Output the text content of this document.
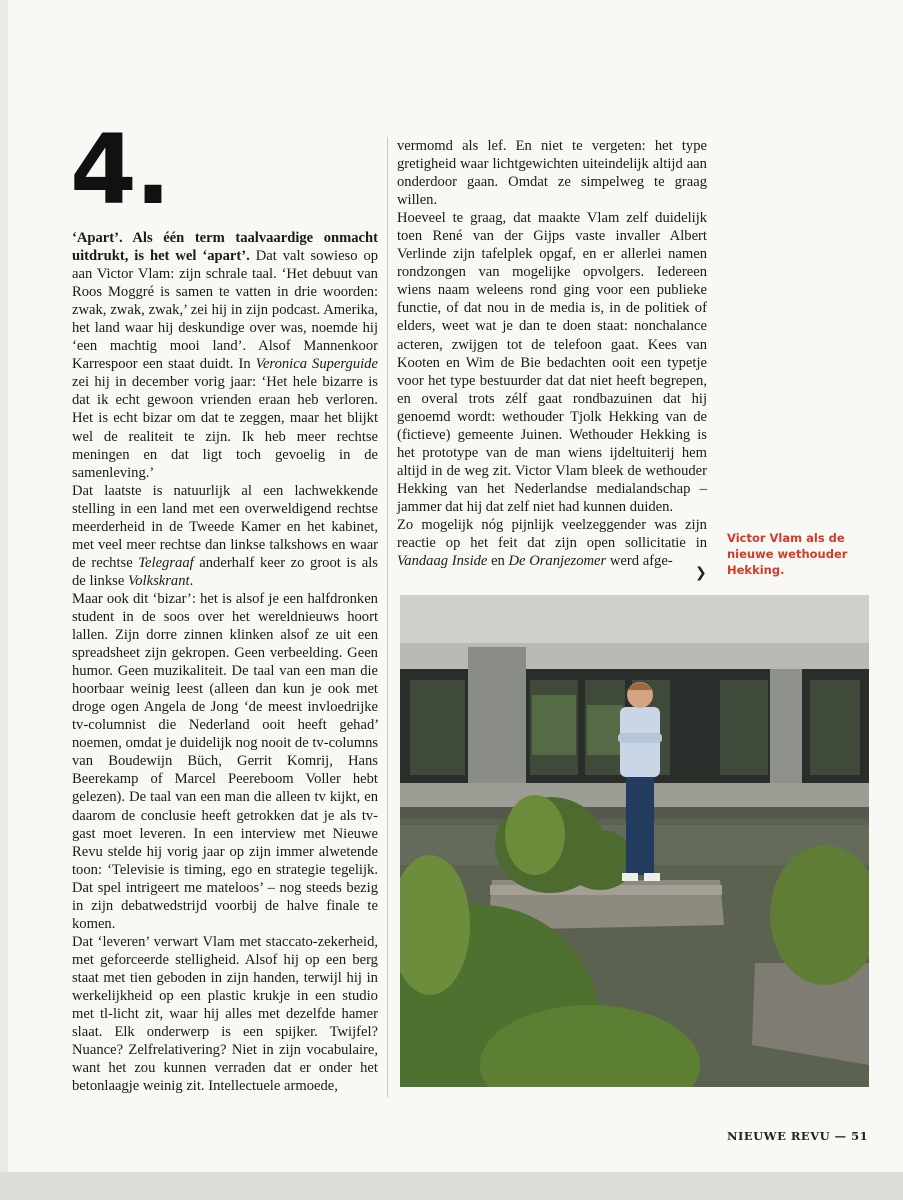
4.

‘Apart’. Als één term taalvaardige onmacht uitdrukt, is het wel ‘apart’. Dat valt sowieso op aan Victor Vlam: zijn schrale taal. ‘Het debuut van Roos Moggré is samen te vatten in drie woorden: zwak, zwak, zwak,’ zei hij in zijn podcast. Amerika, het land waar hij deskundige over was, noemde hij ‘een machtig mooi land’. Alsof Mannenkoor Karrespoor een staat duidt. In Veronica Superguide zei hij in december vorig jaar: ‘Het hele bizarre is dat ik echt gewoon vrienden eraan heb verloren. Het is echt bizar om dat te zeggen, maar het blijkt wel de realiteit te zijn. Ik heb meer rechtse meningen en dat ligt toch gevoelig in de samenleving.’

Dat laatste is natuurlijk al een lachwekkende stelling in een land met een overweldigend rechtse meerderheid in de Tweede Kamer en het kabinet, met veel meer rechtse dan linkse talkshows en waar de rechtse Telegraaf anderhalf keer zo groot is als de linkse Volkskrant.

Maar ook dit ‘bizar’: het is alsof je een halfdronken student in de soos over het wereldnieuws hoort lallen. Zijn dorre zinnen klinken alsof ze uit een spreadsheet zijn gekropen. Geen verbeelding. Geen humor. Geen muzikaliteit. De taal van een man die hoorbaar weinig leest (alleen dan kun je ook met droge ogen Angela de Jong ‘de meest invloedrijke tv-columnist die Nederland ooit heeft gehad’ noemen, omdat je duidelijk nog nooit de tv-columns van Boudewijn Büch, Gerrit Komrij, Hans Beerekamp of Marcel Peereboom Voller hebt gelezen). De taal van een man die alleen tv kijkt, en daarom de conclusie heeft getrokken dat je als tv-gast moet leveren. In een interview met Nieuwe Revu stelde hij vorig jaar op zijn immer alwetende toon: ‘Televisie is timing, ego en strategie tegelijk. Dat spel intrigeert me mateloos’ – nog steeds bezig in zijn debatwedstrijd voorbij de halve finale te komen.

Dat ‘leveren’ verwart Vlam met staccato-zekerheid, met geforceerde stelligheid. Alsof hij op een berg staat met tien geboden in zijn handen, terwijl hij in werkelijkheid op een plastic krukje in een studio met tl-licht zit, waar hij alles met dezelfde hamer slaat. Elk onderwerp is een spijker. Twijfel? Nuance? Zelfrelativering? Niet in zijn vocabulaire, want het zou kunnen verraden dat er onder het betonlaagje weinig zit. Intellectuele armoede,

vermomd als lef. En niet te vergeten: het type gretigheid waar lichtgewichten uiteindelijk altijd aan onderdoor gaan. Omdat ze simpelweg te graag willen.

Hoeveel te graag, dat maakte Vlam zelf duidelijk toen René van der Gijps vaste invaller Albert Verlinde zijn tafelplek opgaf, en er allerlei namen rondzongen van mogelijke opvolgers. Iedereen wiens naam weleens rond ging voor een publieke functie, of dat nou in de media is, in de politiek of elders, weet wat je dan te doen staat: nonchalance acteren, zwijgen tot de telefoon gaat. Kees van Kooten en Wim de Bie bedachten ooit een typetje voor het type bestuurder dat dat niet heeft begrepen, en overal trots zélf gaat rondbazuinen dat hij genoemd wordt: wethouder Tjolk Hekking van de (fictieve) gemeente Juinen. Wethouder Hekking is het prototype van de man wiens ijdeltuiterij hem altijd in de weg zit. Victor Vlam bleek de wethouder Hekking van het Nederlandse medialandschap – jammer dat hij dat zelf niet had kunnen duiden.

Zo mogelijk nóg pijnlijk veelzeggender was zijn reactie op het feit dat zijn open sollicitatie in Vandaag Inside en De Oranjezomer werd afge-

❯
Victor Vlam als de nieuwe wethouder Hekking.
NIEUWE REVU — 51
